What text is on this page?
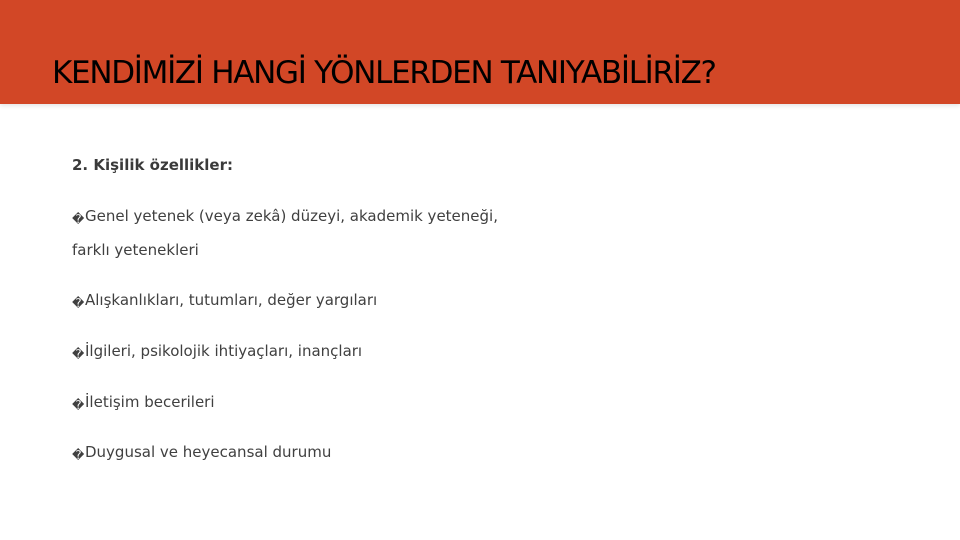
KENDİMİZİ HANGİ YÖNLERDEN TANIYABİLİRİZ?
2. Kişilik özellikler:
�Genel yetenek (veya zekâ) düzeyi, akademik yeteneği,
farklı yetenekleri
�Alışkanlıkları, tutumları, değer yargıları
�İlgileri, psikolojik ihtiyaçları, inançları
�İletişim becerileri
�Duygusal ve heyecansal durumu
